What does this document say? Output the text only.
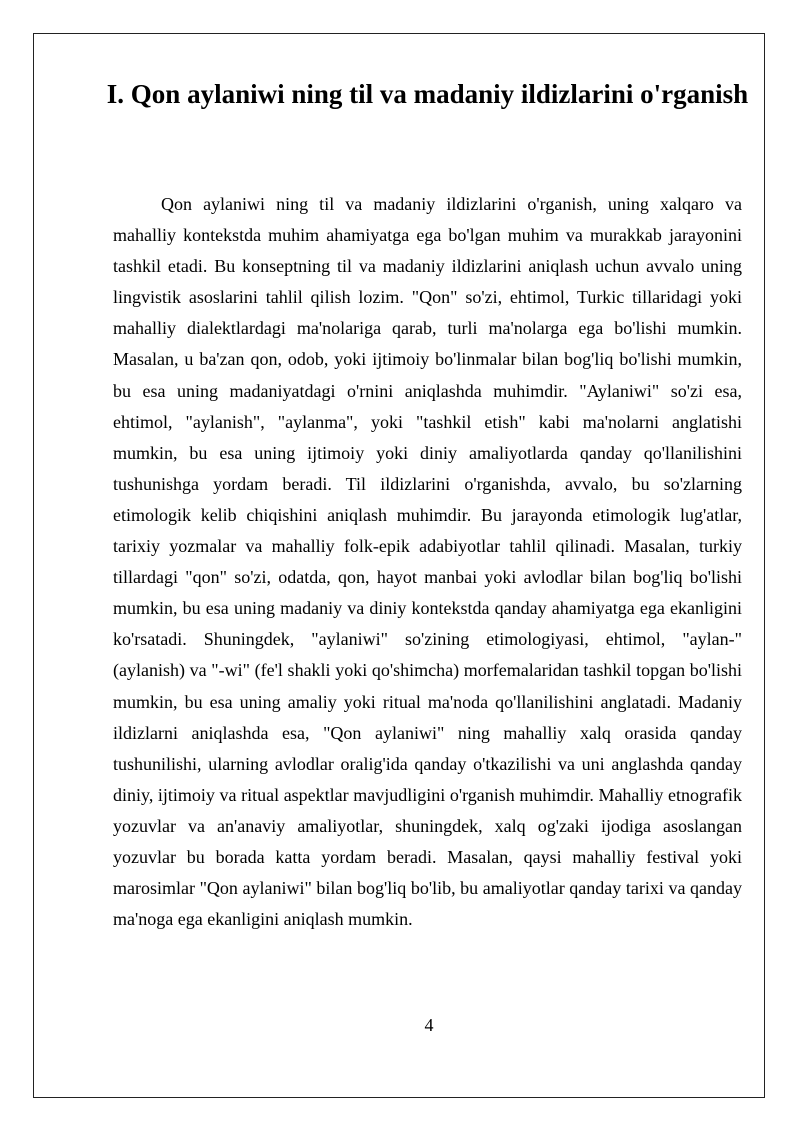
I. Qon aylaniwi ning til va madaniy ildizlarini o'rganish

Qon aylaniwi ning til va madaniy ildizlarini o'rganish, uning xalqaro va mahalliy kontekstda muhim ahamiyatga ega bo'lgan muhim va murakkab jarayonini tashkil etadi. Bu konseptning til va madaniy ildizlarini aniqlash uchun avvalo uning lingvistik asoslarini tahlil qilish lozim. "Qon" so'zi, ehtimol, Turkic tillaridagi yoki mahalliy dialektlardagi ma'nolariga qarab, turli ma'nolarga ega bo'lishi mumkin. Masalan, u ba'zan qon, odob, yoki ijtimoiy bo'linmalar bilan bog'liq bo'lishi mumkin, bu esa uning madaniyatdagi o'rnini aniqlashda muhimdir. "Aylaniwi" so'zi esa, ehtimol, "aylanish", "aylanma", yoki "tashkil etish" kabi ma'nolarni anglatishi mumkin, bu esa uning ijtimoiy yoki diniy amaliyotlarda qanday qo'llanilishini tushunishga yordam beradi. Til ildizlarini o'rganishda, avvalo, bu so'zlarning etimologik kelib chiqishini aniqlash muhimdir. Bu jarayonda etimologik lug'atlar, tarixiy yozmalar va mahalliy folk-epik adabiyotlar tahlil qilinadi. Masalan, turkiy tillardagi "qon" so'zi, odatda, qon, hayot manbai yoki avlodlar bilan bog'liq bo'lishi mumkin, bu esa uning madaniy va diniy kontekstda qanday ahamiyatga ega ekanligini ko'rsatadi. Shuningdek, "aylaniwi" so'zining etimologiyasi, ehtimol, "aylan-" (aylanish) va "-wi" (fe'l shakli yoki qo'shimcha) morfemalaridan tashkil topgan bo'lishi mumkin, bu esa uning amaliy yoki ritual ma'noda qo'llanilishini anglatadi. Madaniy ildizlarni aniqlashda esa, "Qon aylaniwi" ning mahalliy xalq orasida qanday tushunilishi, ularning avlodlar oralig'ida qanday o'tkazilishi va uni anglashda qanday diniy, ijtimoiy va ritual aspektlar mavjudligini o'rganish muhimdir. Mahalliy etnografik yozuvlar va an'anaviy amaliyotlar, shuningdek, xalq og'zaki ijodiga asoslangan yozuvlar bu borada katta yordam beradi. Masalan, qaysi mahalliy festival yoki marosimlar "Qon aylaniwi" bilan bog'liq bo'lib, bu amaliyotlar qanday tarixi va qanday ma'noga ega ekanligini aniqlash mumkin.

4
